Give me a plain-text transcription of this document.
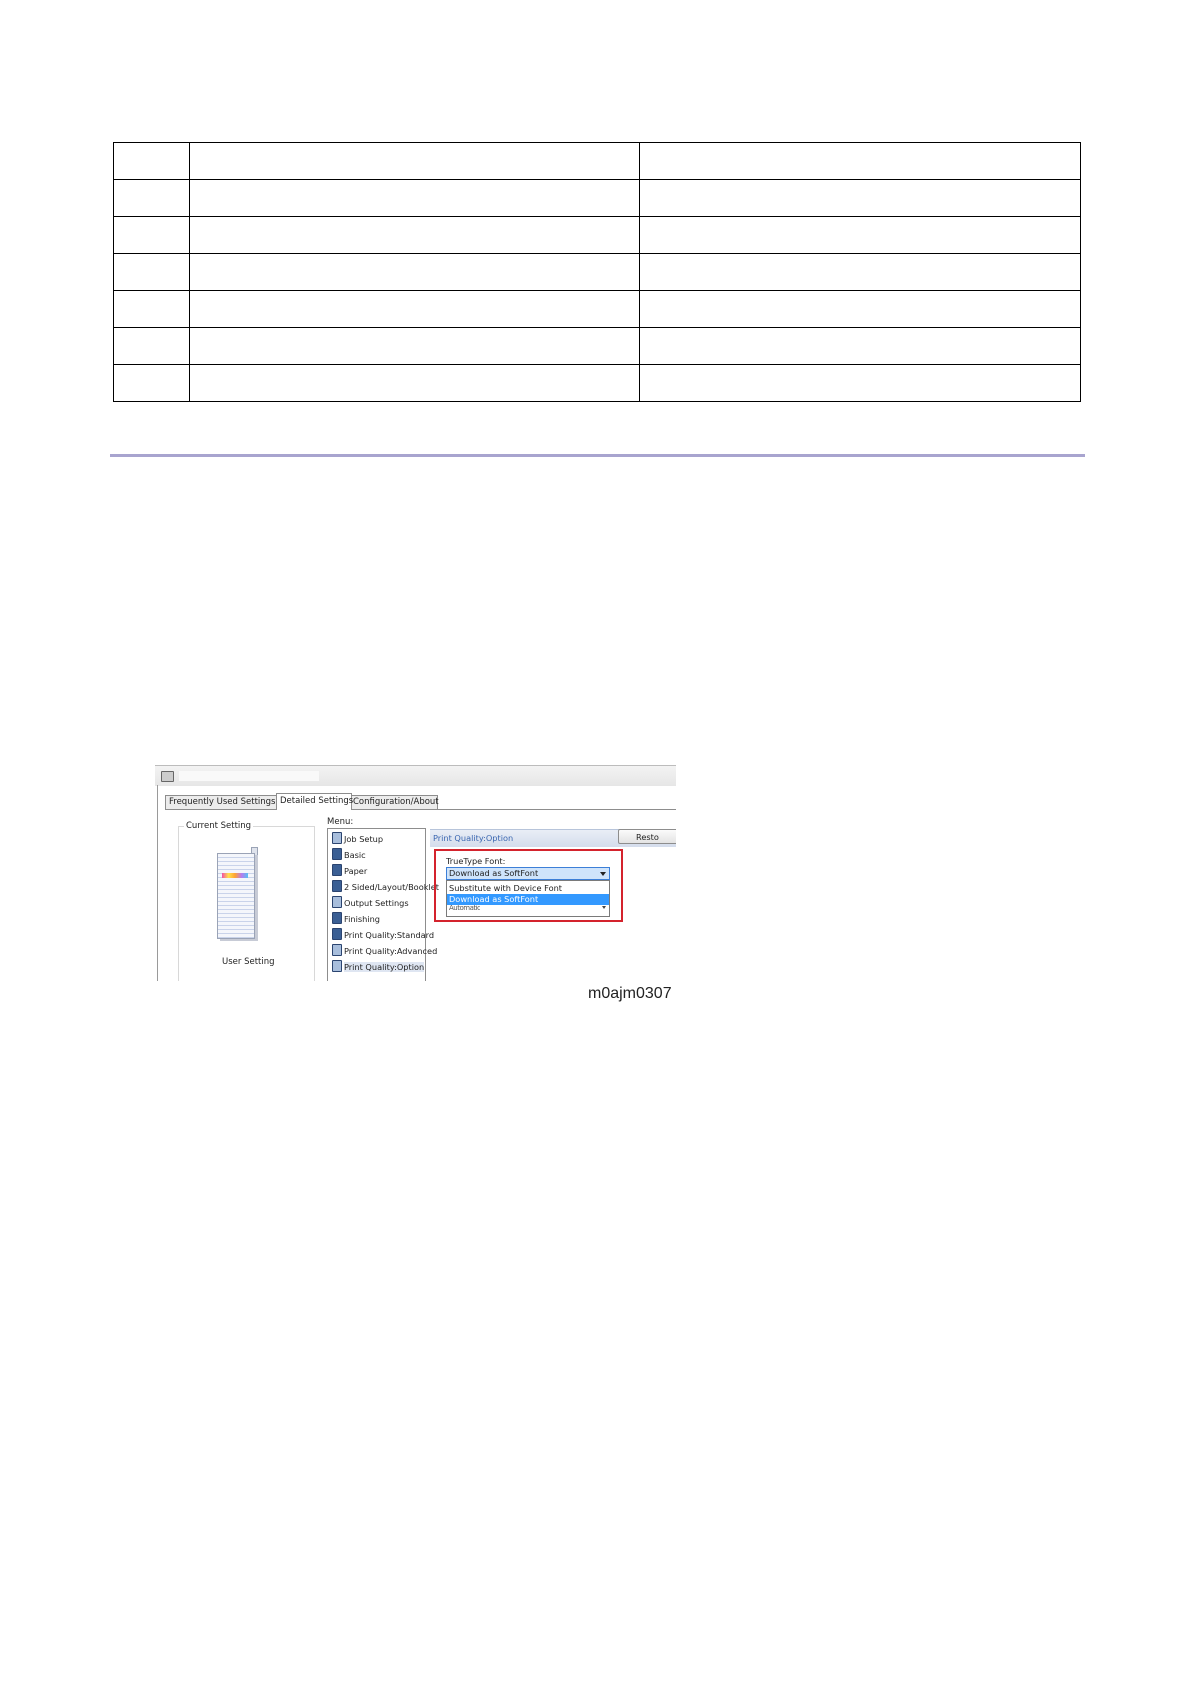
Frequently Used Settings Detailed Settings Configuration/About
Current Setting
User Setting
Menu:
Job Setup
Basic
Paper
2 Sided/Layout/Booklet
Output Settings
Finishing
Print Quality:Standard
Print Quality:Advanced
Print Quality:Option
Print Quality:Option	Resto
TrueType Font:
Download as SoftFont
Substitute with Device Font
Download as SoftFont
Automatic
m0ajm0307
